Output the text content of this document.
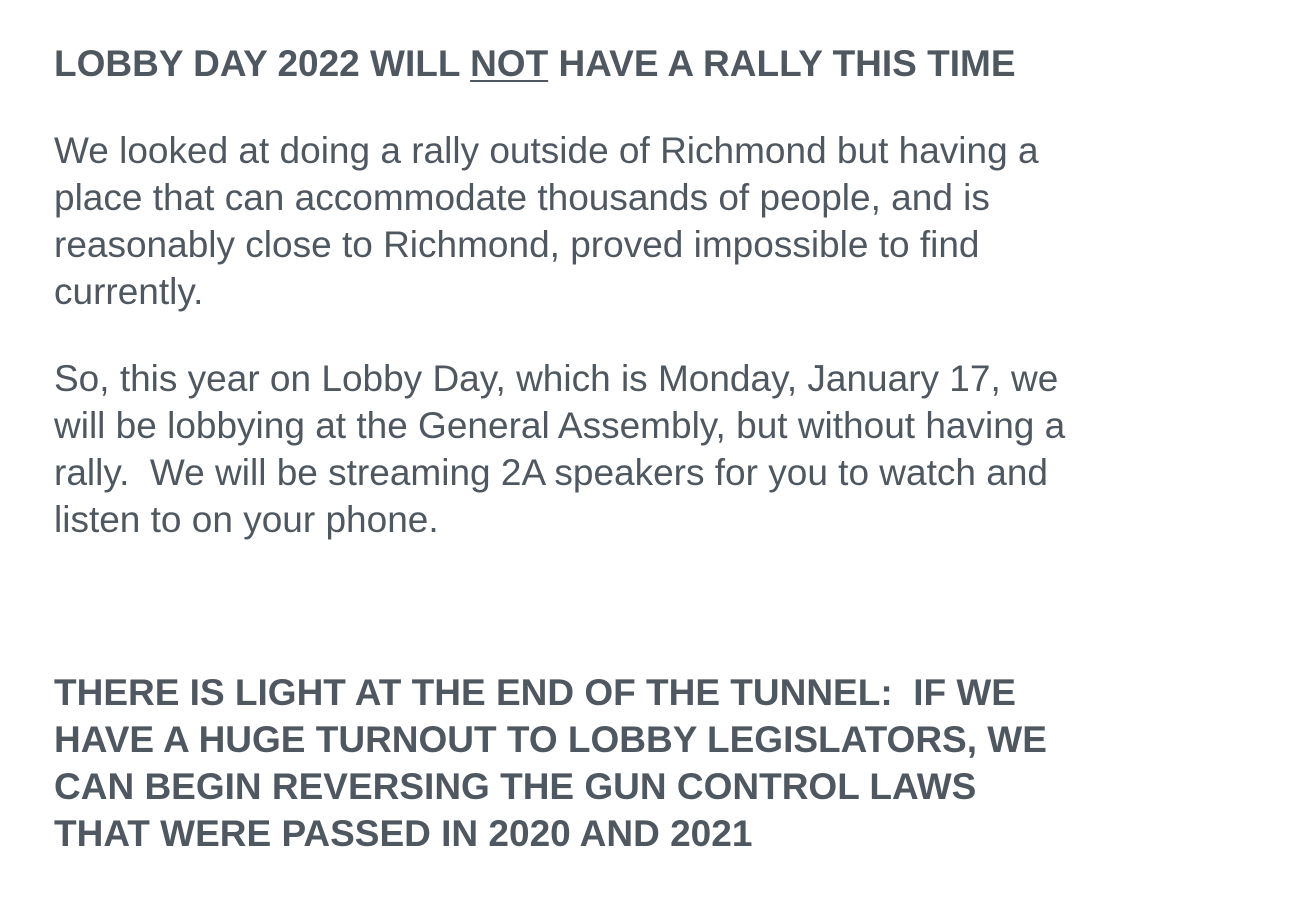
LOBBY DAY 2022 WILL NOT HAVE A RALLY THIS TIME

We looked at doing a rally outside of Richmond but having a
place that can accommodate thousands of people, and is
reasonably close to Richmond, proved impossible to find
currently.

So, this year on Lobby Day, which is Monday, January 17, we
will be lobbying at the General Assembly, but without having a
rally.  We will be streaming 2A speakers for you to watch and
listen to on your phone.

THERE IS LIGHT AT THE END OF THE TUNNEL:  IF WE
HAVE A HUGE TURNOUT TO LOBBY LEGISLATORS, WE
CAN BEGIN REVERSING THE GUN CONTROL LAWS
THAT WERE PASSED IN 2020 AND 2021
